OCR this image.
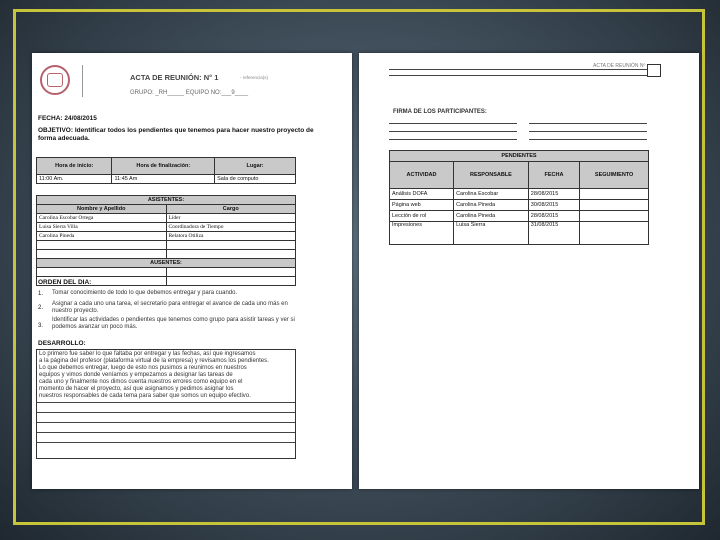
ACTA DE REUNIÓN: N° 1	- referencia(s)
GRUPO: _RH_____ EQUIPO NO:___9____
FECHA: 24/08/2015
OBJETIVO: Identificar todos los pendientes que tenemos para hacer nuestro proyecto de forma adecuada.
Hora de inicio:	Hora de finalización:	Lugar:
11:00 Am.	11:45 Am	Sala de computo
ASISTENTES:	
Nombre y Apellido	Cargo
Carolina Escobar Ortega	Líder
Luisa Sierra Villa	Coordinadora de Tiempo
Carolina Pineda	Relatora Otiliza

AUSENTES:	

ORDEN DEL DIA:
1. Tomar conocimiento de todo lo que debemos entregar y para cuando.
2.
Asignar a cada uno una tarea, el secretario para entregar el avance de cada uno más en nuestro proyecto.
3.
Identificar las actividades o pendientes que tenemos como grupo para asistir tareas y ver si podemos avanzar un poco más.
DESARROLLO:
Lo primero fue saber lo que faltaba por entregar y las fechas, así que ingresamos
a la página del profesor (plataforma virtual de la empresa) y revisamos los pendientes.
Lo que debemos entregar, luego de esto nos pusimos a reunirnos en nuestros
equipos y vimos donde veníamos y empezamos a designar las tareas de
cada uno y finalmente nos dimos cuenta nuestros errores como equipo en el
momento de hacer el proyecto, así que asignamos y pedimos asignar los
nuestros responsables de cada tema para saber que somos un equipo efectivo.
ACTA DE REUNIÓN Nº
FIRMA DE LOS PARTICIPANTES:
PENDIENTES			
ACTIVIDAD	RESPONSABLE	FECHA	SEGUIMIENTO
Análisis DOFA	Carolina Escobar	28/08/2015	
Página web	Carolina Pineda	30/08/2015	
Lección de rol	Carolina Pineda	28/08/2015	
Impresiones	Luisa Sierra	31/08/2015	
